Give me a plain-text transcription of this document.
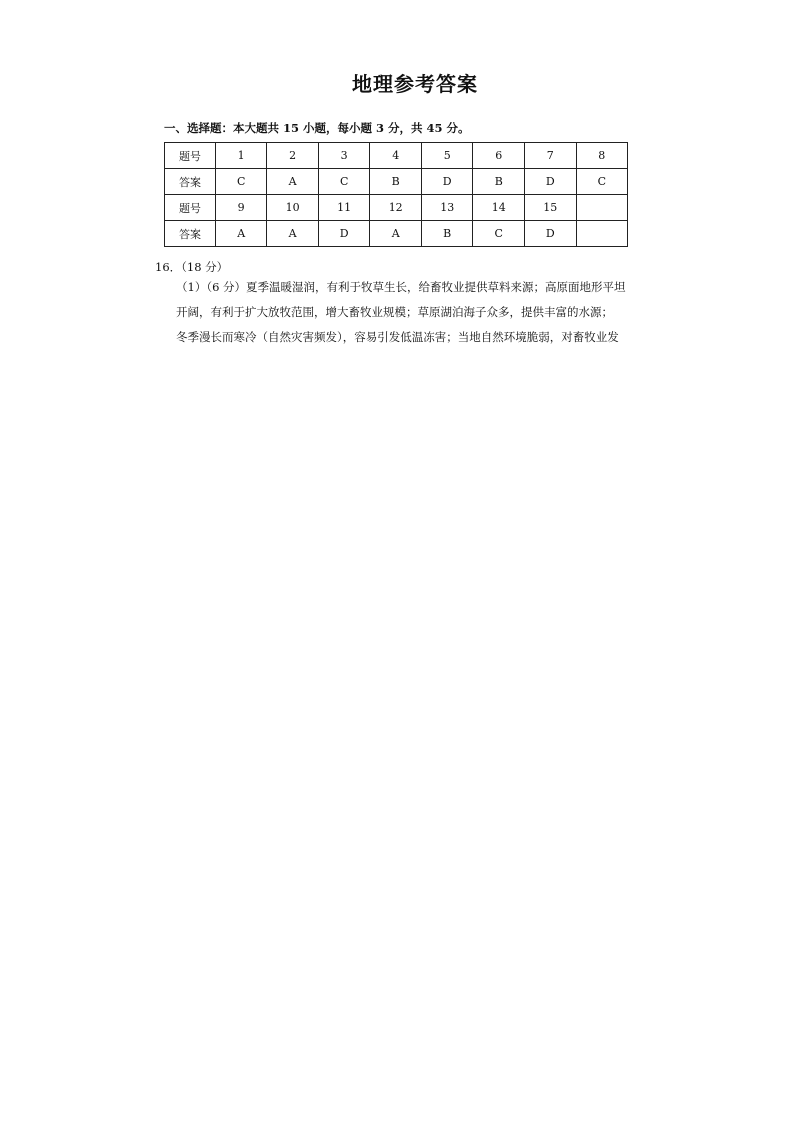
地理参考答案
一、选择题：本大题共 15 小题，每小题 3 分，共 45 分。
题号	1	2	3	4	5	6	7	8
答案	C	A	C	B	D	B	D	C
题号	9	10	11	12	13	14	15	
答案	A	A	D	A	B	C	D	
16．（18 分）
（1）（6 分）夏季温暖湿润，有利于牧草生长，给畜牧业提供草料来源；高原面地形平坦
开阔，有利于扩大放牧范围，增大畜牧业规模；草原湖泊海子众多，提供丰富的水源；
冬季漫长而寒冷（自然灾害频发），容易引发低温冻害；当地自然环境脆弱，对畜牧业发
